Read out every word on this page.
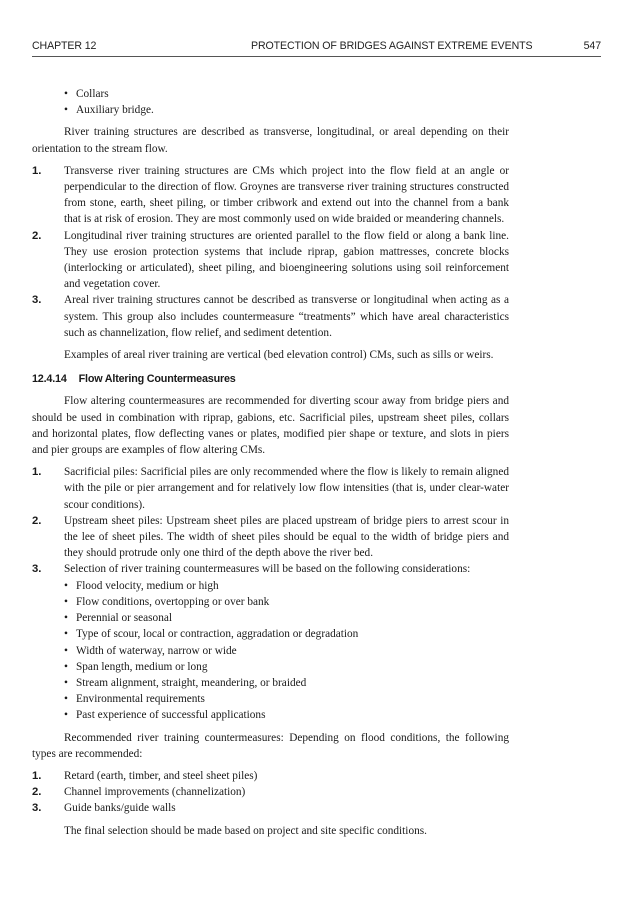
CHAPTER 12	PROTECTION OF BRIDGES AGAINST EXTREME EVENTS	547
• Collars
• Auxiliary bridge.

River training structures are described as transverse, longitudinal, or areal depending on their orientation to the stream flow.

1. Transverse river training structures are CMs which project into the flow field at an angle or perpendicular to the direction of flow. Groynes are transverse river training structures constructed from stone, earth, sheet piling, or timber cribwork and extend out into the channel from a bank that is at risk of erosion. They are most commonly used on wide braided or meandering channels.
2. Longitudinal river training structures are oriented parallel to the flow field or along a bank line. They use erosion protection systems that include riprap, gabion mattresses, concrete blocks (interlocking or articulated), sheet piling, and bioengineering solutions using soil reinforcement and vegetation cover.
3. Areal river training structures cannot be described as transverse or longitudinal when acting as a system. This group also includes countermeasure “treatments” which have areal characteristics such as channelization, flow relief, and sediment detention.

Examples of areal river training are vertical (bed elevation control) CMs, such as sills or weirs.

12.4.14 Flow Altering Countermeasures

Flow altering countermeasures are recommended for diverting scour away from bridge piers and should be used in combination with riprap, gabions, etc. Sacrificial piles, upstream sheet piles, collars and horizontal plates, flow deflecting vanes or plates, modified pier shape or texture, and slots in piers and pier groups are examples of flow altering CMs.

1. Sacrificial piles: Sacrificial piles are only recommended where the flow is likely to remain aligned with the pile or pier arrangement and for relatively low flow intensities (that is, under clear-water scour conditions).
2. Upstream sheet piles: Upstream sheet piles are placed upstream of bridge piers to arrest scour in the lee of sheet piles. The width of sheet piles should be equal to the width of bridge piers and they should protrude only one third of the depth above the river bed.
3. Selection of river training countermeasures will be based on the following considerations:
• Flood velocity, medium or high
• Flow conditions, overtopping or over bank
• Perennial or seasonal
• Type of scour, local or contraction, aggradation or degradation
• Width of waterway, narrow or wide
• Span length, medium or long
• Stream alignment, straight, meandering, or braided
• Environmental requirements
• Past experience of successful applications

Recommended river training countermeasures: Depending on flood conditions, the following types are recommended:

1. Retard (earth, timber, and steel sheet piles)
2. Channel improvements (channelization)
3. Guide banks/guide walls

The final selection should be made based on project and site specific conditions.
